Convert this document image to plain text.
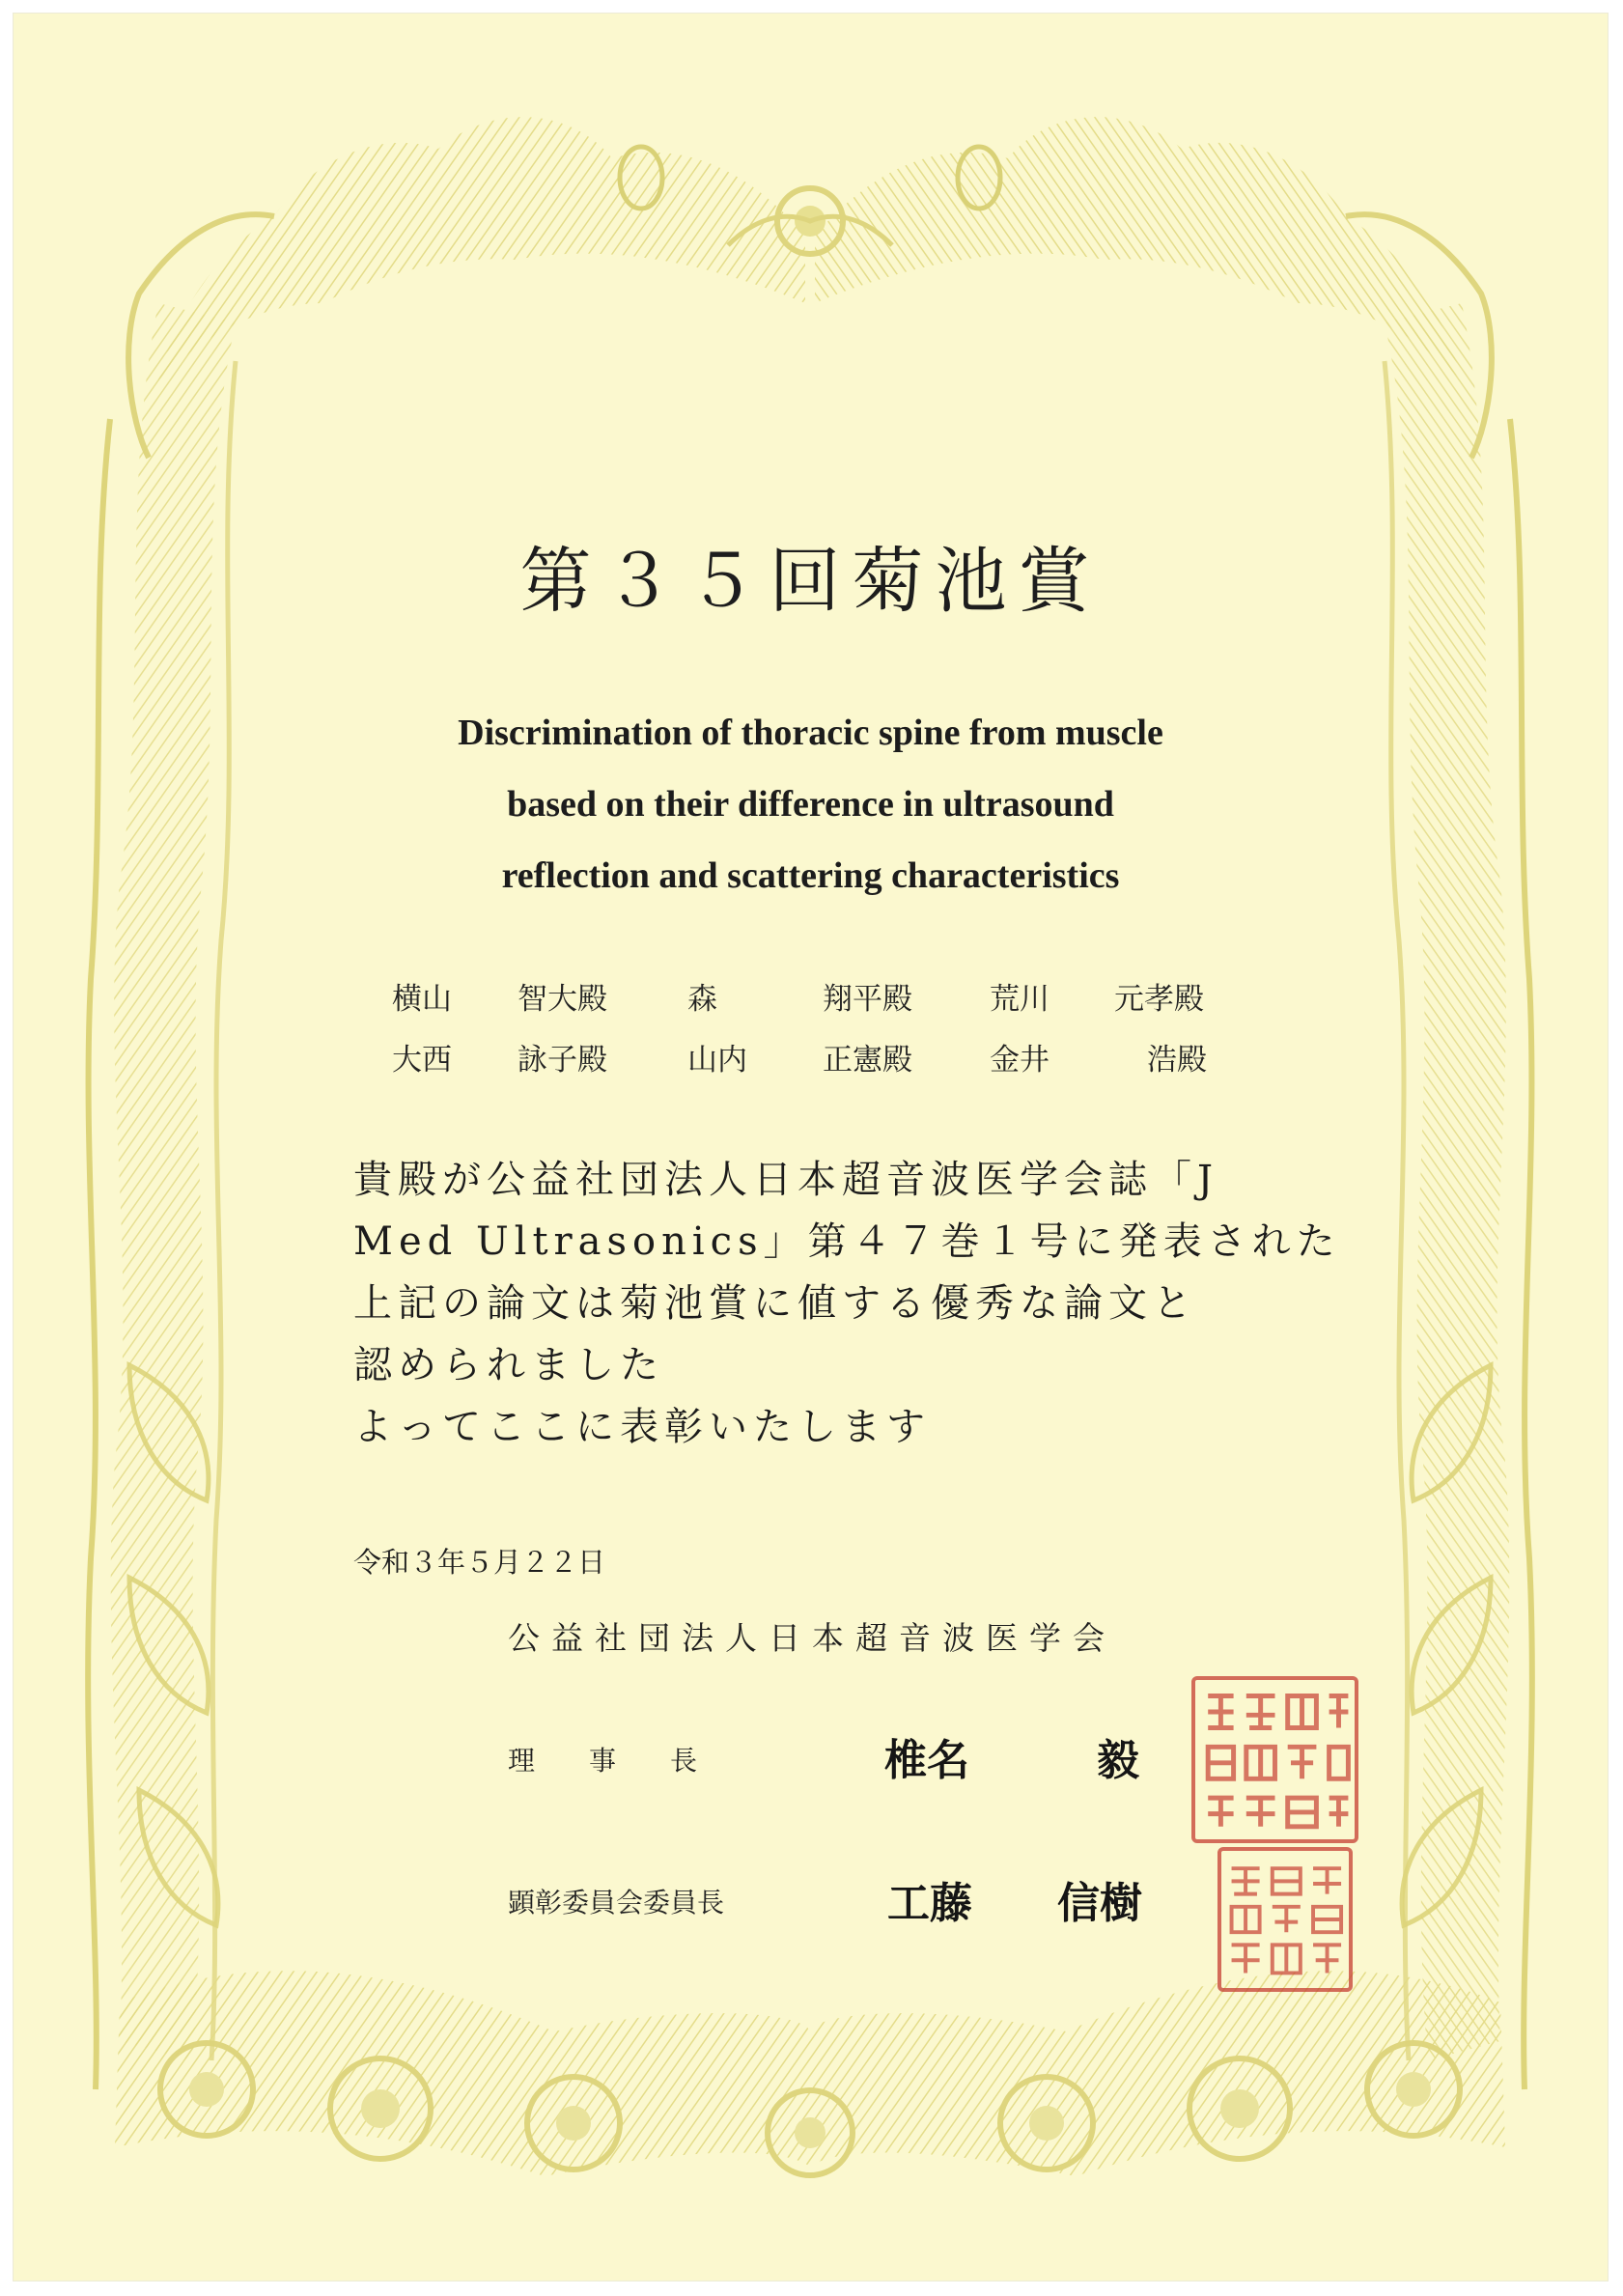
第３５回菊池賞
Discrimination of thoracic spine from muscle
based on their difference in ultrasound
reflection and scattering characteristics
横山 智大殿	森	翔平殿	荒川 元孝殿
大西 詠子殿	山内	正憲殿	金井	浩殿
貴殿が公益社団法人日本超音波医学会誌「J
Med Ultrasonics」第４７巻１号に発表された
上記の論文は菊池賞に値する優秀な論文と
認められました
よってここに表彰いたします
令和３年５月２２日
公益社団法人日本超音波医学会
理　事　長	椎名　　　毅
顕彰委員会委員長	工藤　　信樹
